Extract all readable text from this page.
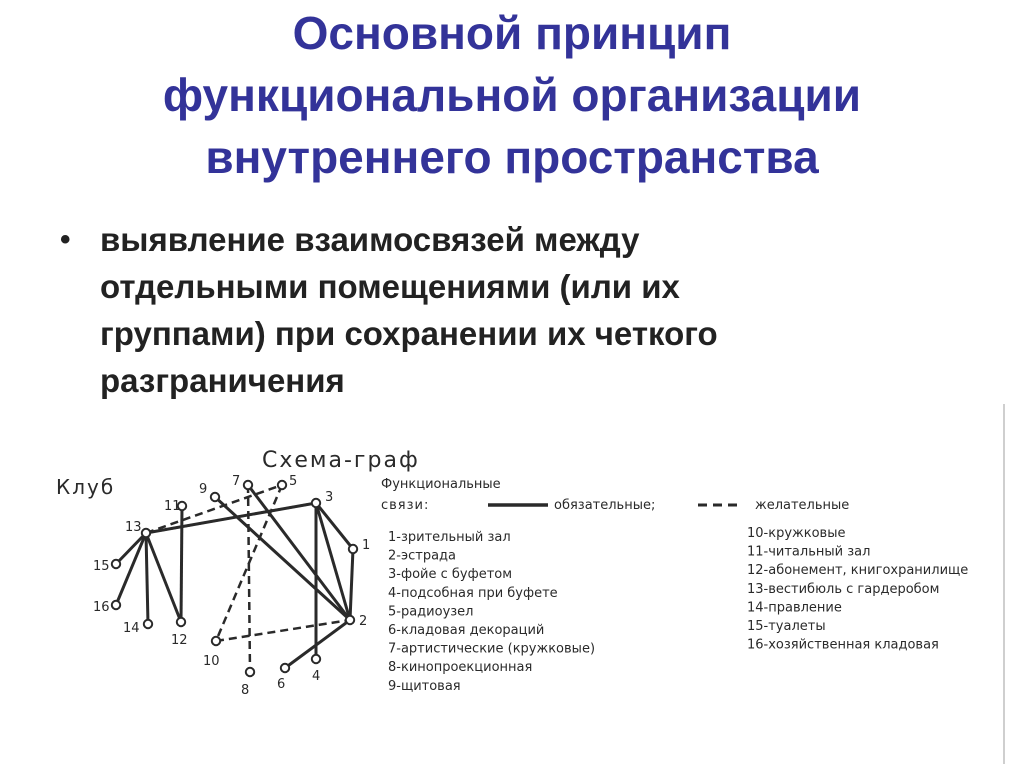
Основной принцип
функциональной организации
внутреннего пространства
• выявление взаимосвязей между
отдельными помещениями (или их
группами) при сохранении их четкого
разграничения
Схема-граф
Клуб
1
2
3
4
5
6
7
8
9
10
11
12
13
14
15
16
Функциональные
связи:	обязательные;	желательные
1-зрительный зал
2-эстрада
3-фойе с буфетом
4-подсобная при буфете
5-радиоузел
6-кладовая декораций
7-артистические (кружковые)
8-кинопроекционная
9-щитовая
10-кружковые
11-читальный зал
12-абонемент, книгохранилище
13-вестибюль с гардеробом
14-правление
15-туалеты
16-хозяйственная кладовая
